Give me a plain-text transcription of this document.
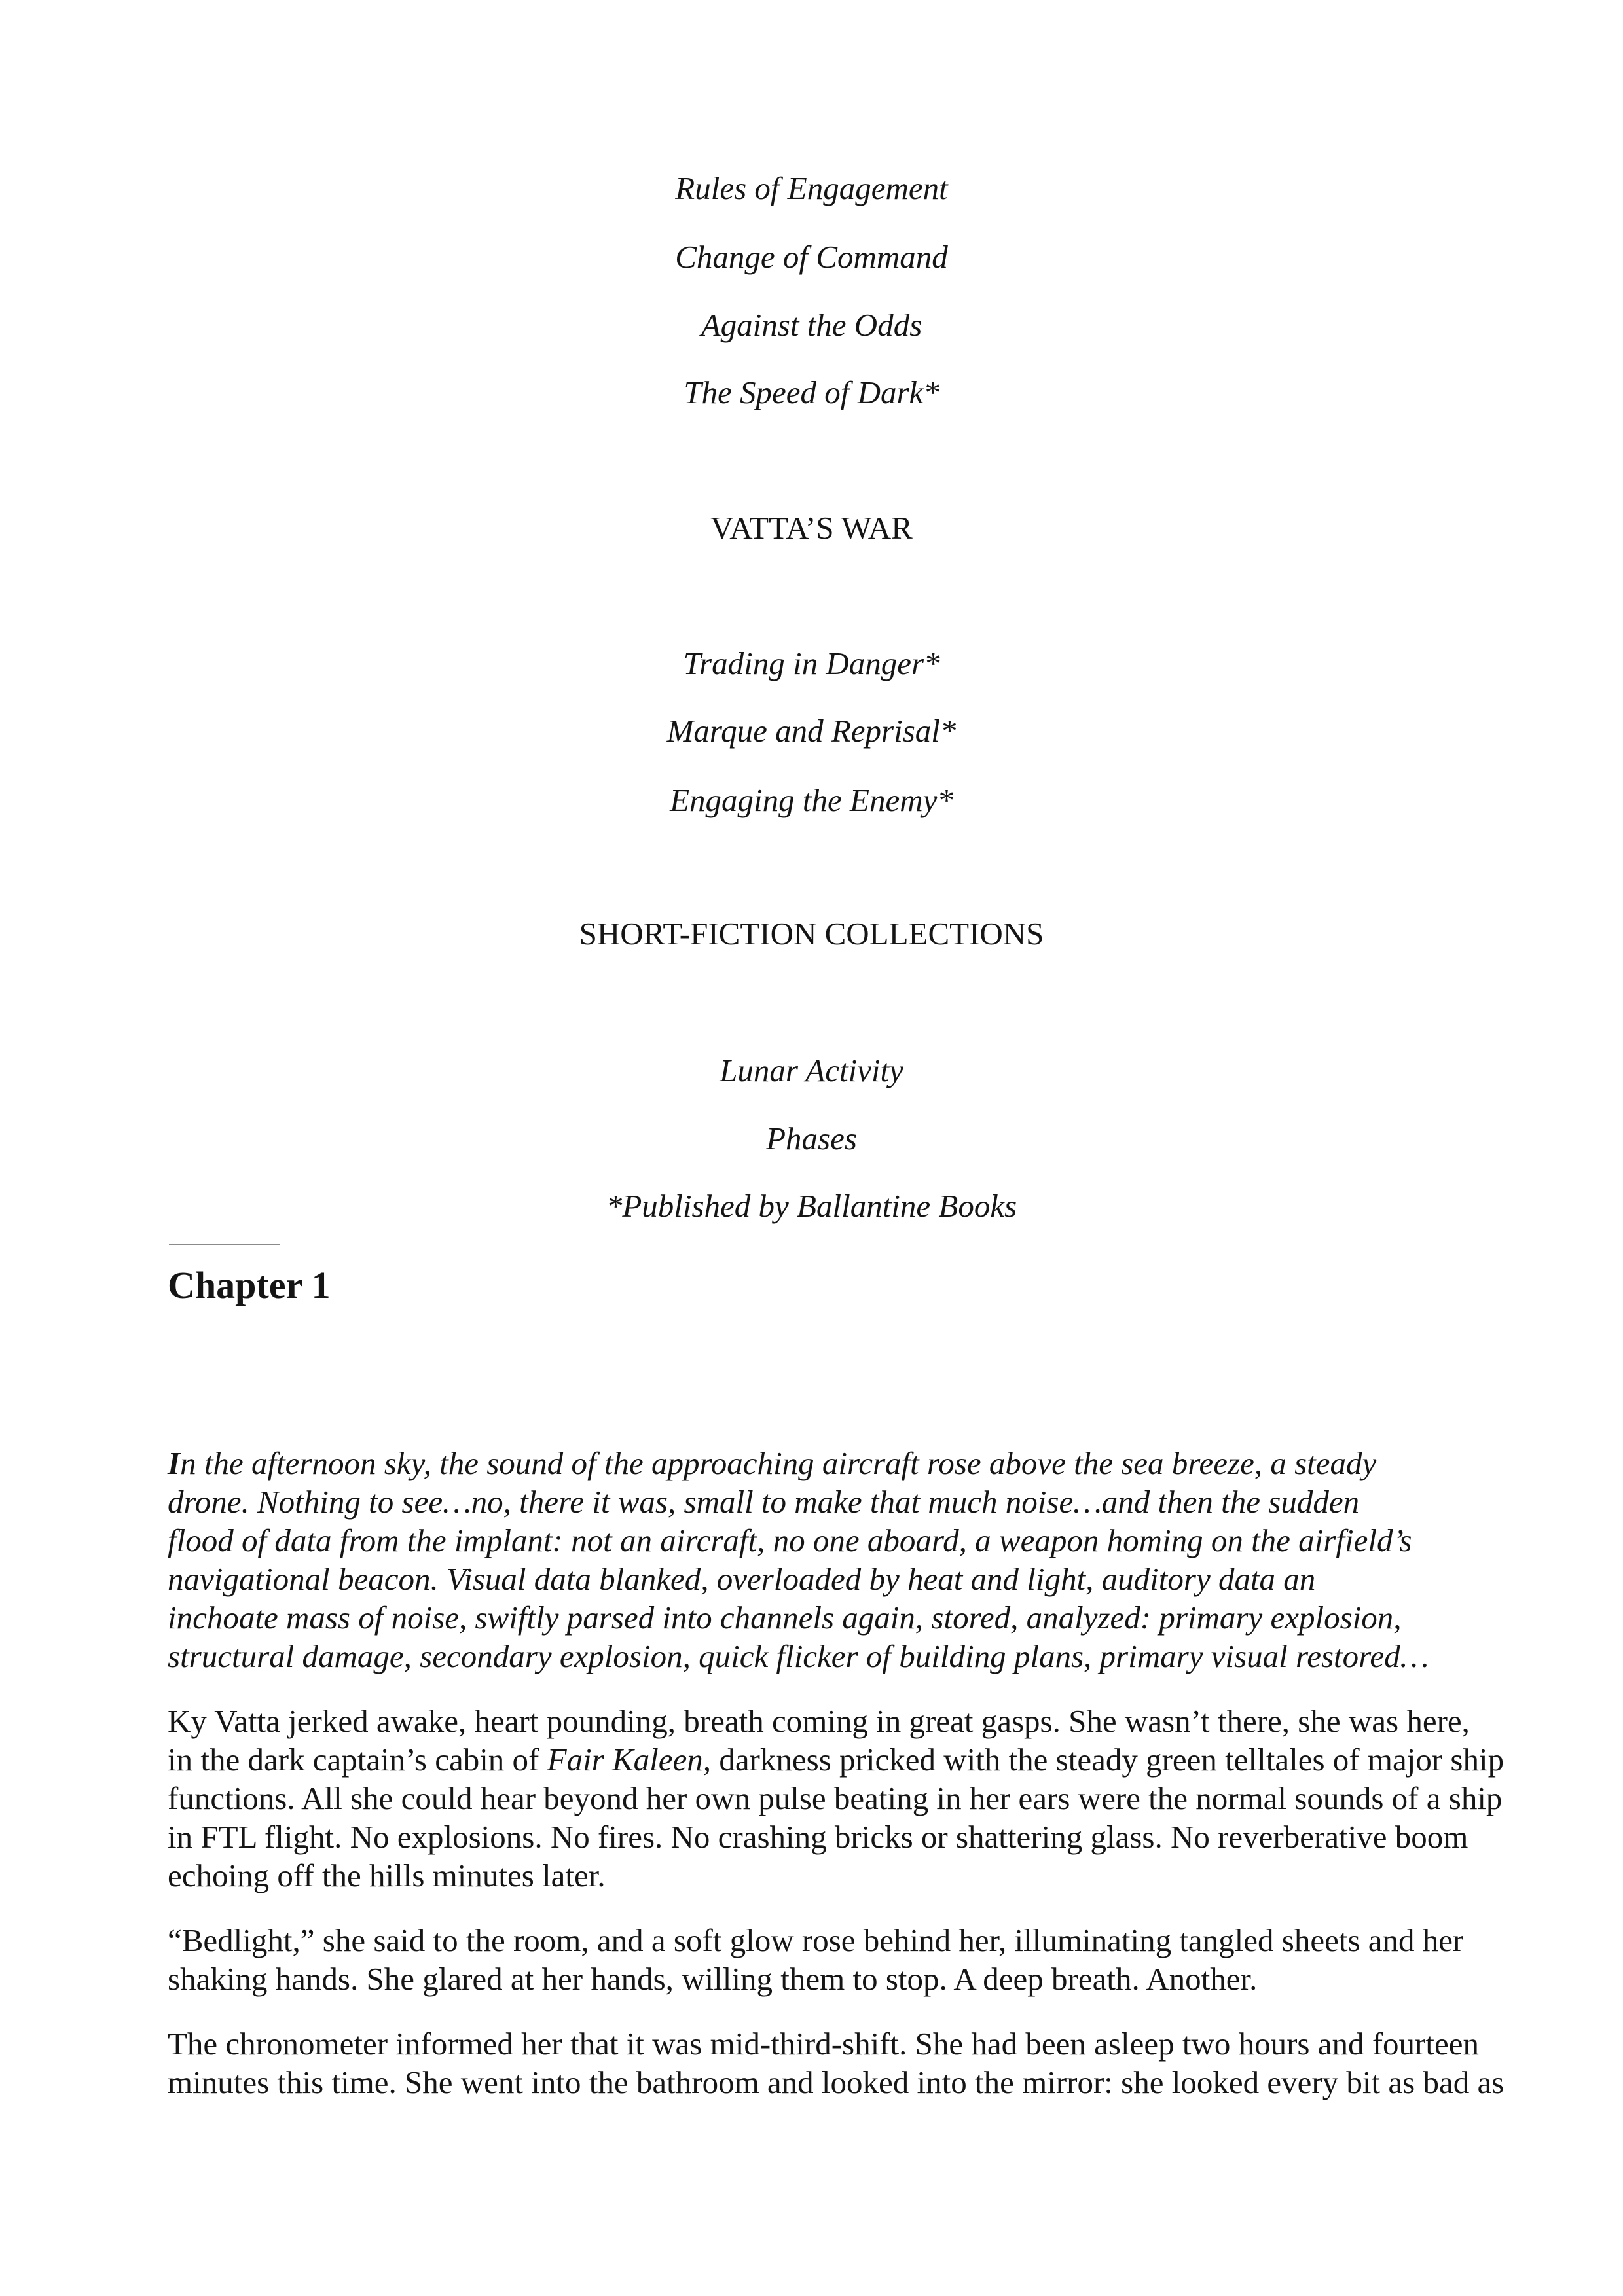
Rules of Engagement
Change of Command
Against the Odds
The Speed of Dark*
VATTA’S WAR
Trading in Danger*
Marque and Reprisal*
Engaging the Enemy*
SHORT-FICTION COLLECTIONS
Lunar Activity
Phases
*Published by Ballantine Books
Chapter 1

In the afternoon sky, the sound of the approaching aircraft rose above the sea breeze, a steady
drone. Nothing to see…no, there it was, small to make that much noise…and then the sudden
flood of data from the implant: not an aircraft, no one aboard, a weapon homing on the airfield’s
navigational beacon. Visual data blanked, overloaded by heat and light, auditory data an
inchoate mass of noise, swiftly parsed into channels again, stored, analyzed: primary explosion,
structural damage, secondary explosion, quick flicker of building plans, primary visual restored…

Ky Vatta jerked awake, heart pounding, breath coming in great gasps. She wasn’t there, she was here,
in the dark captain’s cabin of Fair Kaleen, darkness pricked with the steady green telltales of major ship
functions. All she could hear beyond her own pulse beating in her ears were the normal sounds of a ship
in FTL flight. No explosions. No fires. No crashing bricks or shattering glass. No reverberative boom
echoing off the hills minutes later.

“Bedlight,” she said to the room, and a soft glow rose behind her, illuminating tangled sheets and her
shaking hands. She glared at her hands, willing them to stop. A deep breath. Another.

The chronometer informed her that it was mid-third-shift. She had been asleep two hours and fourteen
minutes this time. She went into the bathroom and looked into the mirror: she looked every bit as bad as
